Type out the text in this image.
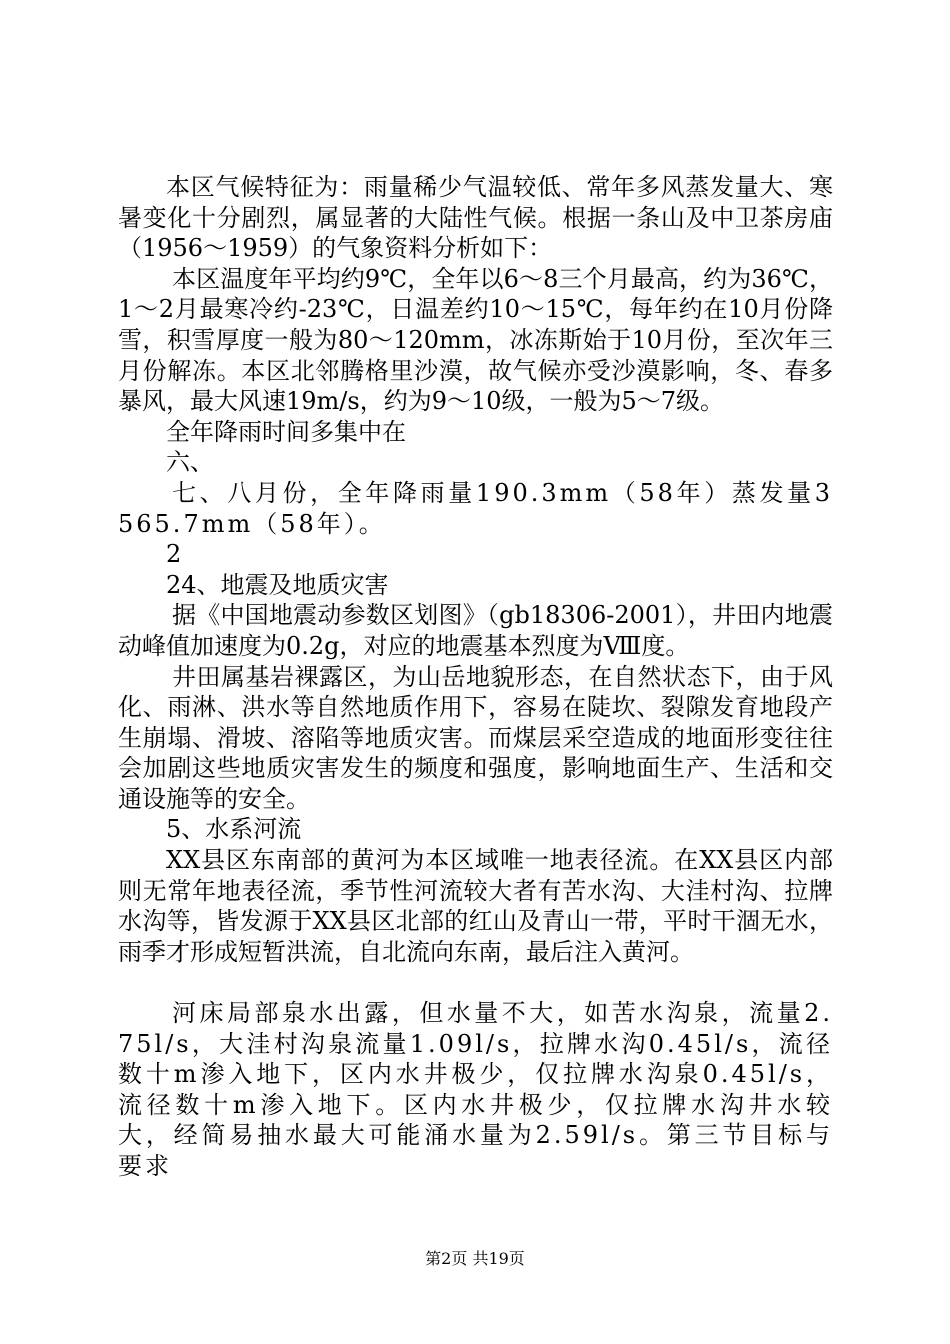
本区气候特征为：雨量稀少气温较低、常年多风蒸发量大、寒暑变化十分剧烈，属显著的大陆性气候。根据一条山及中卫茶房庙（1956～1959）的气象资料分析如下：

本区温度年平均约9℃，全年以6～8三个月最高，约为36℃，1～2月最寒冷约-23℃，日温差约10～15℃，每年约在10月份降雪，积雪厚度一般为80～120mm，冰冻斯始于10月份，至次年三月份解冻。本区北邻腾格里沙漠，故气候亦受沙漠影响，冬、春多暴风，最大风速19m/s，约为9～10级，一般为5～7级。

全年降雨时间多集中在

六、

七、八月份，全年降雨量190.3mm（58年）蒸发量3565.7mm（58年）。

2

24、地震及地质灾害

据《中国地震动参数区划图》（gb18306-2001），井田内地震动峰值加速度为0.2g，对应的地震基本烈度为Ⅷ度。

井田属基岩裸露区，为山岳地貌形态，在自然状态下，由于风化、雨淋、洪水等自然地质作用下，容易在陡坎、裂隙发育地段产生崩塌、滑坡、溶陷等地质灾害。而煤层采空造成的地面形变往往会加剧这些地质灾害发生的频度和强度，影响地面生产、生活和交通设施等的安全。

5、水系河流

XX县区东南部的黄河为本区域唯一地表径流。在XX县区内部则无常年地表径流，季节性河流较大者有苦水沟、大洼村沟、拉牌水沟等，皆发源于XX县区北部的红山及青山一带，平时干涸无水，雨季才形成短暂洪流，自北流向东南，最后注入黄河。

河床局部泉水出露，但水量不大，如苦水沟泉，流量2.75l/s，大洼村沟泉流量1.09l/s，拉牌水沟0.45l/s，流径数十m渗入地下，区内水井极少，仅拉牌水沟泉0.45l/s，流径数十m渗入地下。区内水井极少，仅拉牌水沟井水较大，经简易抽水最大可能涌水量为2.59l/s。第三节目标与要求

第2页 共19页
